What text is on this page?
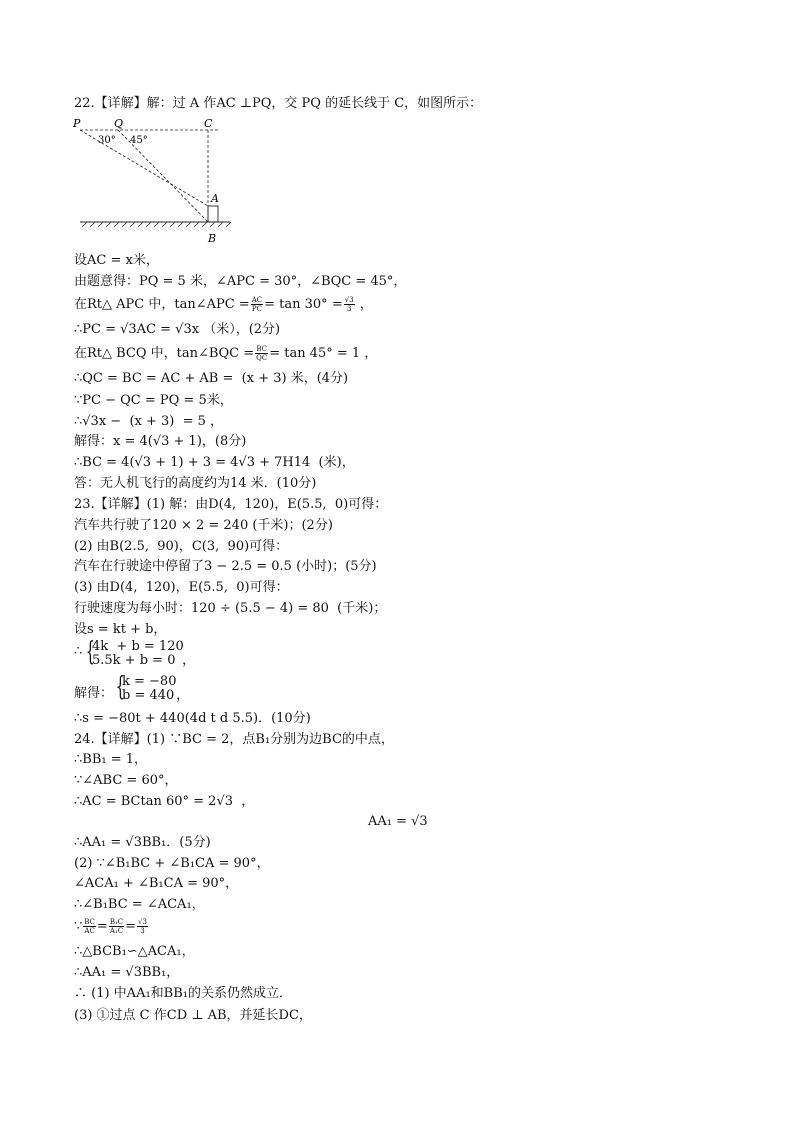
22.【详解】解：过 A 作AC ⊥PQ，交 PQ 的延长线于 C，如图所示：
P	Q	C
A
B
30° 45°
设AC = x米，
由题意得：PQ = 5 米，∠APC = 30°，∠BQC = 45°，
在Rt△ APC 中，tan∠APC = $\frac{AC}{PC} = \tan 30^\circ = \frac{√3}{3}$ ，
∴PC = √3AC = √3x （米），(2分)
在Rt△ BCQ 中，tan∠BQC = $\frac{BC}{QC} = \tan 45^\circ = 1$ ，
∴QC = BC = AC + AB =  (x + 3) 米，(4分)
∵PC − QC = PQ = 5米，
∴√3x −  (x + 3)  = 5 ，
解得：x = 4(√3 + 1)，(8分)
∴BC = 4(√3 + 1) + 3 = 4√3 + 7H14  (米)，
答：无人机飞行的高度约为14 米．(10分)
23.【详解】(1) 解：由D(4,  120)，E(5.5,  0)可得：
汽车共行驶了120 × 2 = 240 (千米)；(2分)
(2) 由B(2.5,  90)，C(3,  90)可得：
汽车在行驶途中停留了3 − 2.5 = 0.5 (小时)；(5分)
(3) 由D(4,  120)，E(5.5,  0)可得：
行驶速度为每小时：120 ÷ (5.5 − 4) = 80  (千米)；
设s = kt + b，
∴ {
4k  + b = 120
5.5k + b = 0 ，
解得： {
k = −80
b = 440
，
∴s = −80t + 440(4d t d 5.5)．(10分)
24.【详解】(1) ∵BC = 2，点B₁分别为边BC的中点，
∴BB₁ = 1，
∵∠ABC = 60°，
∴AC = BCtan 60° = 2√3  ，
AA₁ = √3
∴AA₁ = √3BB₁．(5分)
(2) ∵∠B₁BC + ∠B₁CA = 90°，
∠ACA₁ + ∠B₁CA = 90°，
∴∠B₁BC = ∠ACA₁，
∵ $\frac{BC}{AC} = \frac{\text{B₁C}}{\text{A₁C}} = \frac{√3}{3}$
∴△BCB₁∽△ACA₁，
∴AA₁ = √3BB₁，
∴ (1) 中AA₁和BB₁的关系仍然成立．
(3) ①过点 C 作CD ⊥ AB，并延长DC，
